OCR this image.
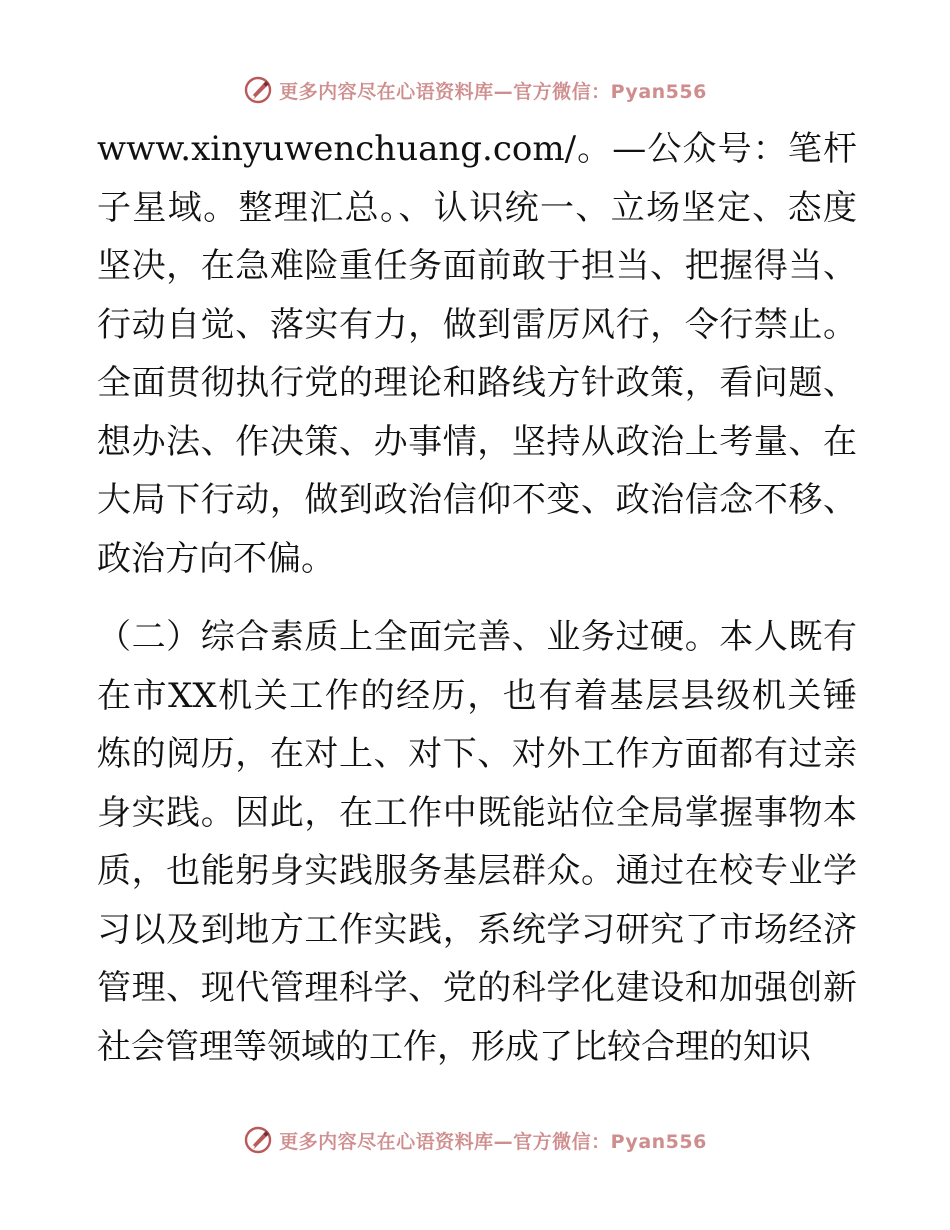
更多内容尽在心语资料库—官方微信：Pyan556

www.xinyuwenchuang.com/。—公众号：笔杆子星域。整理汇总。、认识统一、立场坚定、态度坚决，在急难险重任务面前敢于担当、把握得当、行动自觉、落实有力，做到雷厉风行，令行禁止。全面贯彻执行党的理论和路线方针政策，看问题、想办法、作决策、办事情，坚持从政治上考量、在大局下行动，做到政治信仰不变、政治信念不移、政治方向不偏。

（二）综合素质上全面完善、业务过硬。本人既有在市XX机关工作的经历，也有着基层县级机关锤炼的阅历，在对上、对下、对外工作方面都有过亲身实践。因此，在工作中既能站位全局掌握事物本质，也能躬身实践服务基层群众。通过在校专业学习以及到地方工作实践，系统学习研究了市场经济管理、现代管理科学、党的科学化建设和加强创新社会管理等领域的工作，形成了比较合理的知识

更多内容尽在心语资料库—官方微信：Pyan556
